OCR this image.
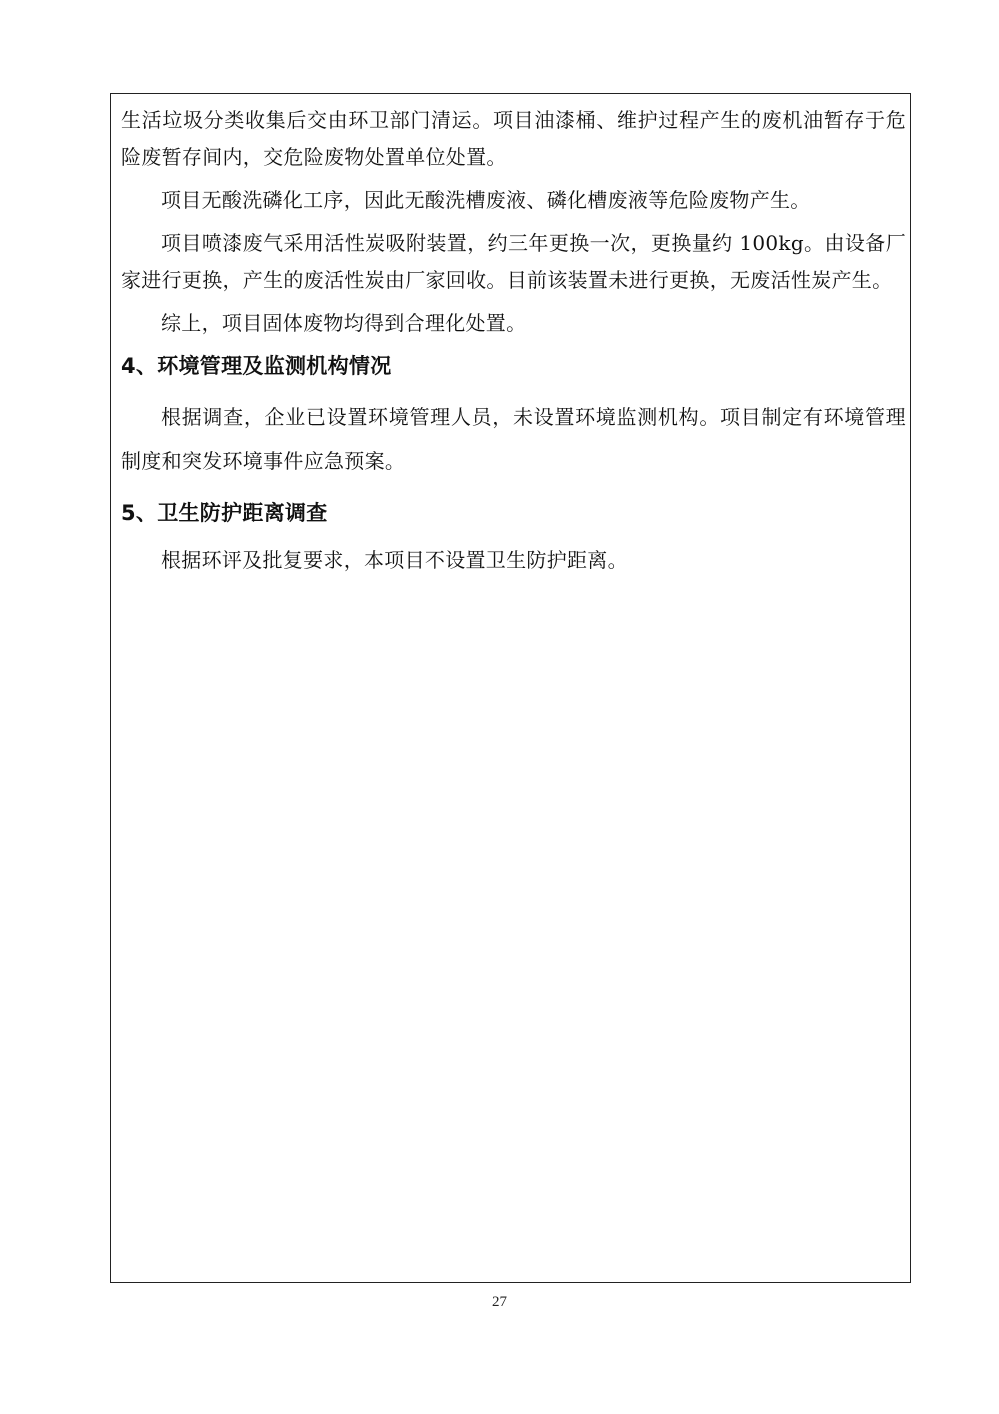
生活垃圾分类收集后交由环卫部门清运。项目油漆桶、维护过程产生的废机油暂存于危险废暂存间内，交危险废物处置单位处置。

项目无酸洗磷化工序，因此无酸洗槽废液、磷化槽废液等危险废物产生。

项目喷漆废气采用活性炭吸附装置，约三年更换一次，更换量约 100kg。由设备厂家进行更换，产生的废活性炭由厂家回收。目前该装置未进行更换，无废活性炭产生。

综上，项目固体废物均得到合理化处置。

4、环境管理及监测机构情况

根据调查，企业已设置环境管理人员，未设置环境监测机构。项目制定有环境管理制度和突发环境事件应急预案。

5、卫生防护距离调查

根据环评及批复要求，本项目不设置卫生防护距离。

27
